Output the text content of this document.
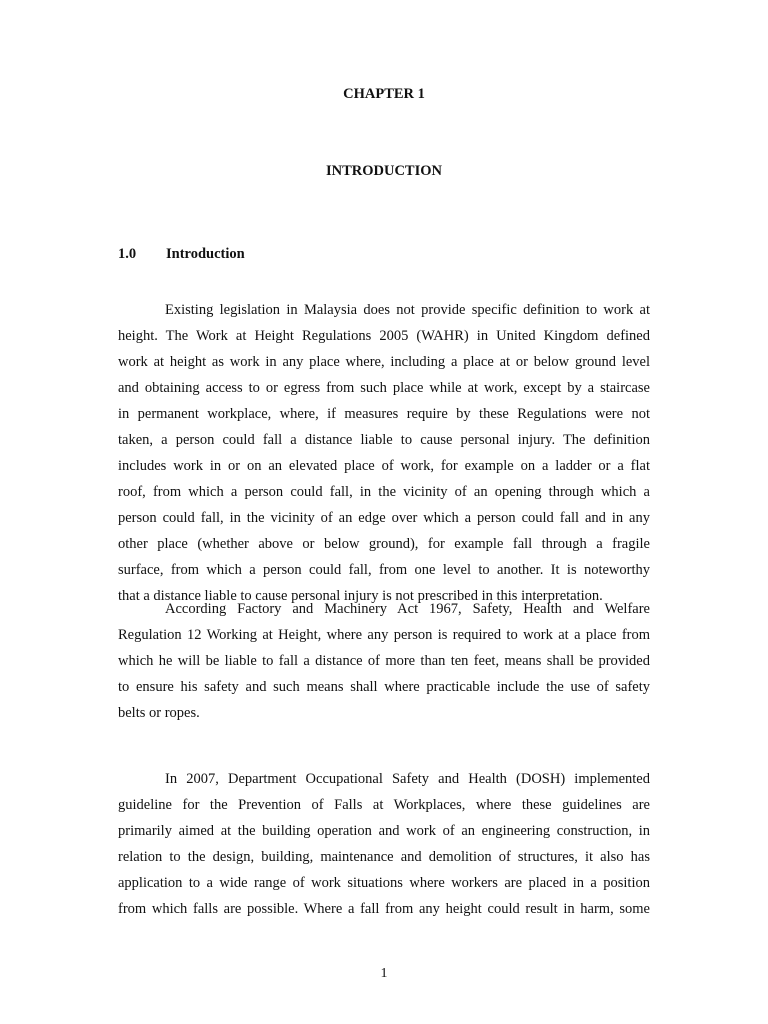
CHAPTER 1
INTRODUCTION
1.0 Introduction
Existing legislation in Malaysia does not provide specific definition to work at
height. The Work at Height Regulations 2005 (WAHR) in United Kingdom defined
work at height as work in any place where, including a place at or below ground level
and obtaining access to or egress from such place while at work, except by a staircase
in permanent workplace, where, if measures require by these Regulations were not
taken, a person could fall a distance liable to cause personal injury. The definition
includes work in or on an elevated place of work, for example on a ladder or a flat
roof, from which a person could fall, in the vicinity of an opening through which a
person could fall, in the vicinity of an edge over which a person could fall and in any
other place (whether above or below ground), for example fall through a fragile
surface, from which a person could fall, from one level to another. It is noteworthy
that a distance liable to cause personal injury is not prescribed in this interpretation.
According Factory and Machinery Act 1967, Safety, Health and Welfare
Regulation 12 Working at Height, where any person is required to work at a place from
which he will be liable to fall a distance of more than ten feet, means shall be provided
to ensure his safety and such means shall where practicable include the use of safety
belts or ropes.
In 2007, Department Occupational Safety and Health (DOSH) implemented
guideline for the Prevention of Falls at Workplaces, where these guidelines are
primarily aimed at the building operation and work of an engineering construction, in
relation to the design, building, maintenance and demolition of structures, it also has
application to a wide range of work situations where workers are placed in a position
from which falls are possible. Where a fall from any height could result in harm, some
1
